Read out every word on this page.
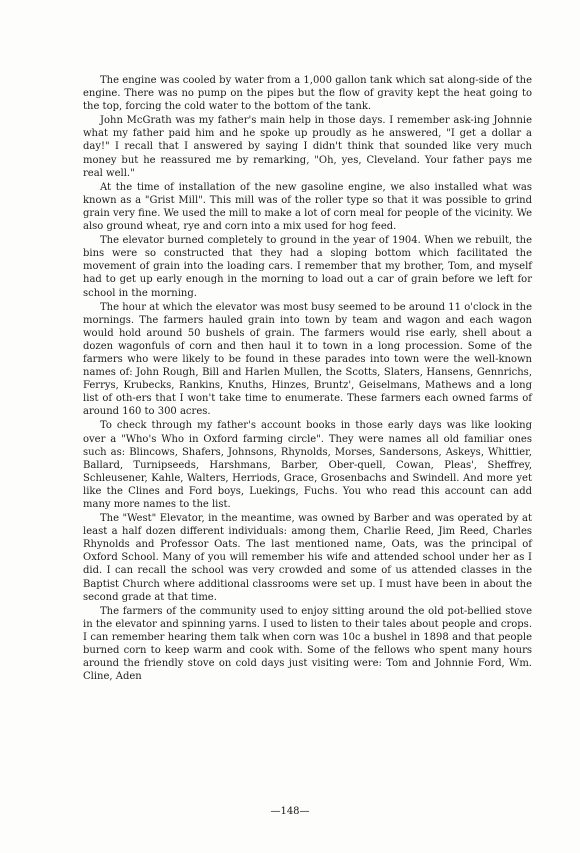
The engine was cooled by water from a 1,000 gallon tank which sat along-side of the engine. There was no pump on the pipes but the flow of gravity kept the heat going to the top, forcing the cold water to the bottom of the tank.

John McGrath was my father's main help in those days. I remember ask-ing Johnnie what my father paid him and he spoke up proudly as he answered, "I get a dollar a day!" I recall that I answered by saying I didn't think that sounded like very much money but he reassured me by remarking, "Oh, yes, Cleveland. Your father pays me real well."

At the time of installation of the new gasoline engine, we also installed what was known as a "Grist Mill". This mill was of the roller type so that it was possible to grind grain very fine. We used the mill to make a lot of corn meal for people of the vicinity. We also ground wheat, rye and corn into a mix used for hog feed.

The elevator burned completely to ground in the year of 1904. When we rebuilt, the bins were so constructed that they had a sloping bottom which facilitated the movement of grain into the loading cars. I remember that my brother, Tom, and myself had to get up early enough in the morning to load out a car of grain before we left for school in the morning.

The hour at which the elevator was most busy seemed to be around 11 o'clock in the mornings. The farmers hauled grain into town by team and wagon and each wagon would hold around 50 bushels of grain. The farmers would rise early, shell about a dozen wagonfuls of corn and then haul it to town in a long procession. Some of the farmers who were likely to be found in these parades into town were the well-known names of: John Rough, Bill and Harlen Mullen, the Scotts, Slaters, Hansens, Gennrichs, Ferrys, Krubecks, Rankins, Knuths, Hinzes, Bruntz', Geiselmans, Mathews and a long list of oth-ers that I won't take time to enumerate. These farmers each owned farms of around 160 to 300 acres.

To check through my father's account books in those early days was like looking over a "Who's Who in Oxford farming circle". They were names all old familiar ones such as: Blincows, Shafers, Johnsons, Rhynolds, Morses, Sandersons, Askeys, Whittier, Ballard, Turnipseeds, Harshmans, Barber, Ober-quell, Cowan, Pleas', Sheffrey, Schleusener, Kahle, Walters, Herriods, Grace, Grosenbachs and Swindell. And more yet like the Clines and Ford boys, Luekings, Fuchs. You who read this account can add many more names to the list.

The "West" Elevator, in the meantime, was owned by Barber and was operated by at least a half dozen different individuals: among them, Charlie Reed, Jim Reed, Charles Rhynolds and Professor Oats. The last mentioned name, Oats, was the principal of Oxford School. Many of you will remember his wife and attended school under her as I did. I can recall the school was very crowded and some of us attended classes in the Baptist Church where additional classrooms were set up. I must have been in about the second grade at that time.

The farmers of the community used to enjoy sitting around the old pot-bellied stove in the elevator and spinning yarns. I used to listen to their tales about people and crops. I can remember hearing them talk when corn was 10c a bushel in 1898 and that people burned corn to keep warm and cook with. Some of the fellows who spent many hours around the friendly stove on cold days just visiting were: Tom and Johnnie Ford, Wm. Cline, Aden

—148—
